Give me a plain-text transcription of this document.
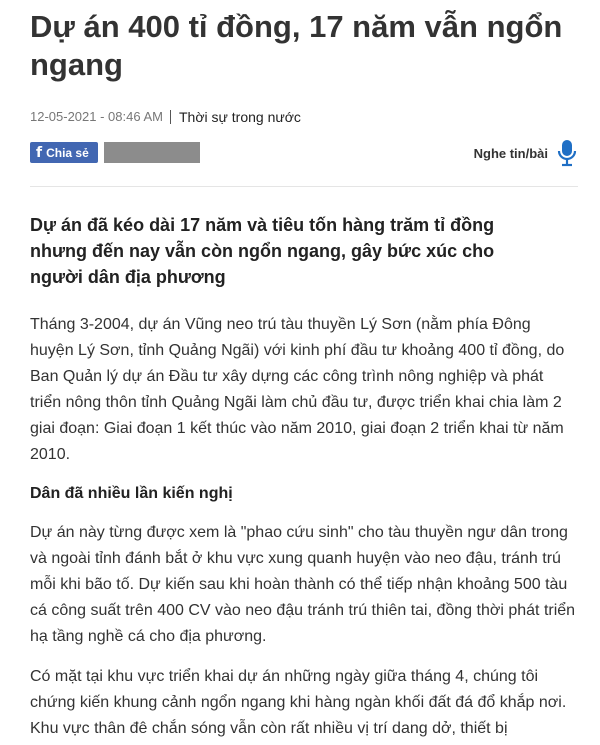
Dự án 400 tỉ đồng, 17 năm vẫn ngổn ngang
12-05-2021 - 08:46 AM Thời sự trong nước
f Chia sẻ	Nghe tin/bài

Dự án đã kéo dài 17 năm và tiêu tốn hàng trăm tỉ đồng nhưng đến nay vẫn còn ngổn ngang, gây bức xúc cho người dân địa phương

Tháng 3-2004, dự án Vũng neo trú tàu thuyền Lý Sơn (nằm phía Đông huyện Lý Sơn, tỉnh Quảng Ngãi) với kinh phí đầu tư khoảng 400 tỉ đồng, do Ban Quản lý dự án Đầu tư xây dựng các công trình nông nghiệp và phát triển nông thôn tỉnh Quảng Ngãi làm chủ đầu tư, được triển khai chia làm 2 giai đoạn: Giai đoạn 1 kết thúc vào năm 2010, giai đoạn 2 triển khai từ năm 2010.

Dân đã nhiều lần kiến nghị

Dự án này từng được xem là "phao cứu sinh" cho tàu thuyền ngư dân trong và ngoài tỉnh đánh bắt ở khu vực xung quanh huyện vào neo đậu, tránh trú mỗi khi bão tố. Dự kiến sau khi hoàn thành có thể tiếp nhận khoảng 500 tàu cá công suất trên 400 CV vào neo đậu tránh trú thiên tai, đồng thời phát triển hạ tầng nghề cá cho địa phương.

Có mặt tại khu vực triển khai dự án những ngày giữa tháng 4, chúng tôi chứng kiến khung cảnh ngổn ngang khi hàng ngàn khối đất đá đổ khắp nơi. Khu vực thân đê chắn sóng vẫn còn rất nhiều vị trí dang dở, thiết bị
